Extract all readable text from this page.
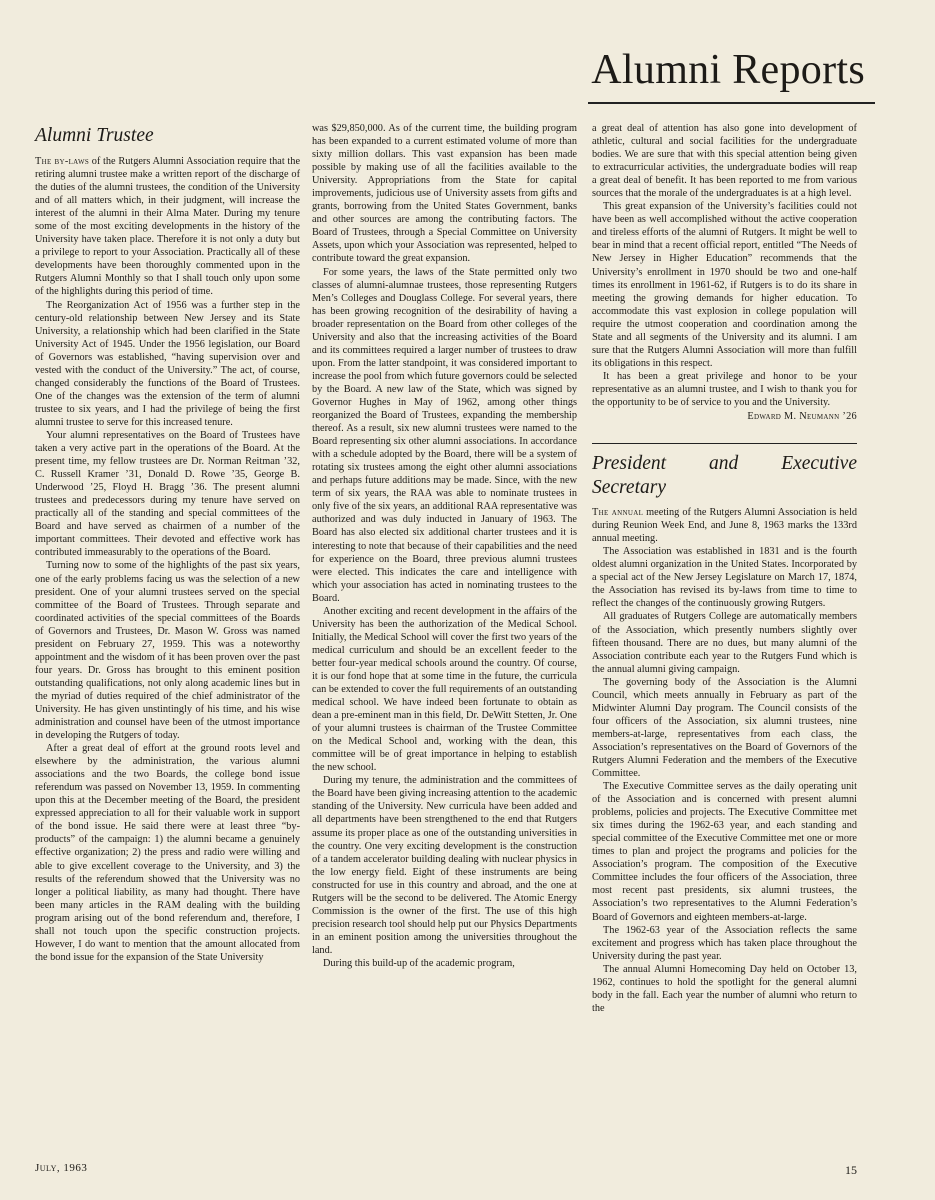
Alumni Reports
Alumni Trustee

The by-laws of the Rutgers Alumni Association require that the retiring alumni trustee make a written report of the discharge of the duties of the alumni trustees, the condition of the University and of all matters which, in their judgment, will increase the interest of the alumni in their Alma Mater. During my tenure some of the most exciting developments in the history of the University have taken place. Therefore it is not only a duty but a privilege to report to your Association. Practically all of these developments have been thoroughly commented upon in the Rutgers Alumni Monthly so that I shall touch only upon some of the highlights during this period of time.

The Reorganization Act of 1956 was a further step in the century-old relationship between New Jersey and its State University, a relationship which had been clarified in the State University Act of 1945. Under the 1956 legislation, our Board of Governors was established, “having supervision over and vested with the conduct of the University.” The act, of course, changed considerably the functions of the Board of Trustees. One of the changes was the extension of the term of alumni trustee to six years, and I had the privilege of being the first alumni trustee to serve for this increased tenure.

Your alumni representatives on the Board of Trustees have taken a very active part in the operations of the Board. At the present time, my fellow trustees are Dr. Norman Reitman ’32, C. Russell Kramer ’31, Donald D. Rowe ’35, George B. Underwood ’25, Floyd H. Bragg ’36. The present alumni trustees and predecessors during my tenure have served on practically all of the standing and special committees of the Board and have served as chairmen of a number of the important committees. Their devoted and effective work has contributed immeasurably to the operations of the Board.

Turning now to some of the highlights of the past six years, one of the early problems facing us was the selection of a new president. One of your alumni trustees served on the special committee of the Board of Trustees. Through separate and coordinated activities of the special committees of the Boards of Governors and Trustees, Dr. Mason W. Gross was named president on February 27, 1959. This was a noteworthy appointment and the wisdom of it has been proven over the past four years. Dr. Gross has brought to this eminent position outstanding qualifications, not only along academic lines but in the myriad of duties required of the chief administrator of the University. He has given unstintingly of his time, and his wise administration and counsel have been of the utmost importance in developing the Rutgers of today.

After a great deal of effort at the ground roots level and elsewhere by the administration, the various alumni associations and the two Boards, the college bond issue referendum was passed on November 13, 1959. In commenting upon this at the December meeting of the Board, the president expressed appreciation to all for their valuable work in support of the bond issue. He said there were at least three “by-products” of the campaign: 1) the alumni became a genuinely effective organization; 2) the press and radio were willing and able to give excellent coverage to the University, and 3) the results of the referendum showed that the University was no longer a political liability, as many had thought. There have been many articles in the RAM dealing with the building program arising out of the bond referendum and, therefore, I shall not touch upon the specific construction projects. However, I do want to mention that the amount allocated from the bond issue for the expansion of the State University

was $29,850,000. As of the current time, the building program has been expanded to a current estimated volume of more than sixty million dollars. This vast expansion has been made possible by making use of all the facilities available to the University. Appropriations from the State for capital improvements, judicious use of University assets from gifts and grants, borrowing from the United States Government, banks and other sources are among the contributing factors. The Board of Trustees, through a Special Committee on University Assets, upon which your Association was represented, helped to contribute toward the great expansion.

For some years, the laws of the State permitted only two classes of alumni-alumnae trustees, those representing Rutgers Men’s Colleges and Douglass College. For several years, there has been growing recognition of the desirability of having a broader representation on the Board from other colleges of the University and also that the increasing activities of the Board and its committees required a larger number of trustees to draw upon. From the latter standpoint, it was considered important to increase the pool from which future governors could be selected by the Board. A new law of the State, which was signed by Governor Hughes in May of 1962, among other things reorganized the Board of Trustees, expanding the membership thereof. As a result, six new alumni trustees were named to the Board representing six other alumni associations. In accordance with a schedule adopted by the Board, there will be a system of rotating six trustees among the eight other alumni associations and perhaps future additions may be made. Since, with the new term of six years, the RAA was able to nominate trustees in only five of the six years, an additional RAA representative was authorized and was duly inducted in January of 1963. The Board has also elected six additional charter trustees and it is interesting to note that because of their capabilities and the need for experience on the Board, three previous alumni trustees were elected. This indicates the care and intelligence with which your association has acted in nominating trustees to the Board.

Another exciting and recent development in the affairs of the University has been the authorization of the Medical School. Initially, the Medical School will cover the first two years of the medical curriculum and should be an excellent feeder to the better four-year medical schools around the country. Of course, it is our fond hope that at some time in the future, the curricula can be extended to cover the full requirements of an outstanding medical school. We have indeed been fortunate to obtain as dean a pre-eminent man in this field, Dr. DeWitt Stetten, Jr. One of your alumni trustees is chairman of the Trustee Committee on the Medical School and, working with the dean, this committee will be of great importance in helping to establish the new school.

During my tenure, the administration and the committees of the Board have been giving increasing attention to the academic standing of the University. New curricula have been added and all departments have been strengthened to the end that Rutgers assume its proper place as one of the outstanding universities in the country. One very exciting development is the construction of a tandem accelerator building dealing with nuclear physics in the low energy field. Eight of these instruments are being constructed for use in this country and abroad, and the one at Rutgers will be the second to be delivered. The Atomic Energy Commission is the owner of the first. The use of this high precision research tool should help put our Physics Departments in an eminent position among the universities throughout the land.

During this build-up of the academic program,

a great deal of attention has also gone into development of athletic, cultural and social facilities for the undergraduate bodies. We are sure that with this special attention being given to extracurricular activities, the undergraduate bodies will reap a great deal of benefit. It has been reported to me from various sources that the morale of the undergraduates is at a high level.

This great expansion of the University’s facilities could not have been as well accomplished without the active cooperation and tireless efforts of the alumni of Rutgers. It might be well to bear in mind that a recent official report, entitled “The Needs of New Jersey in Higher Education” recommends that the University’s enrollment in 1970 should be two and one-half times its enrollment in 1961-62, if Rutgers is to do its share in meeting the growing demands for higher education. To accommodate this vast explosion in college population will require the utmost cooperation and coordination among the State and all segments of the University and its alumni. I am sure that the Rutgers Alumni Association will more than fulfill its obligations in this respect.

It has been a great privilege and honor to be your representative as an alumni trustee, and I wish to thank you for the opportunity to be of service to you and the University.

Edward M. Neumann ’26
President and Executive Secretary

The annual meeting of the Rutgers Alumni Association is held during Reunion Week End, and June 8, 1963 marks the 133rd annual meeting.

The Association was established in 1831 and is the fourth oldest alumni organization in the United States. Incorporated by a special act of the New Jersey Legislature on March 17, 1874, the Association has revised its by-laws from time to time to reflect the changes of the continuously growing Rutgers.

All graduates of Rutgers College are automatically members of the Association, which presently numbers slightly over fifteen thousand. There are no dues, but many alumni of the Association contribute each year to the Rutgers Fund which is the annual alumni giving campaign.

The governing body of the Association is the Alumni Council, which meets annually in February as part of the Midwinter Alumni Day program. The Council consists of the four officers of the Association, six alumni trustees, nine members-at-large, representatives from each class, the Association’s representatives on the Board of Governors of the Rutgers Alumni Federation and the members of the Executive Committee.

The Executive Committee serves as the daily operating unit of the Association and is concerned with present alumni problems, policies and projects. The Executive Committee met six times during the 1962-63 year, and each standing and special committee of the Executive Committee met one or more times to plan and project the programs and policies for the Association’s program. The composition of the Executive Committee includes the four officers of the Association, three most recent past presidents, six alumni trustees, the Association’s two representatives to the Alumni Federation’s Board of Governors and eighteen members-at-large.

The 1962-63 year of the Association reflects the same excitement and progress which has taken place throughout the University during the past year.

The annual Alumni Homecoming Day held on October 13, 1962, continues to hold the spotlight for the general alumni body in the fall. Each year the number of alumni who return to the

July, 1963	15
